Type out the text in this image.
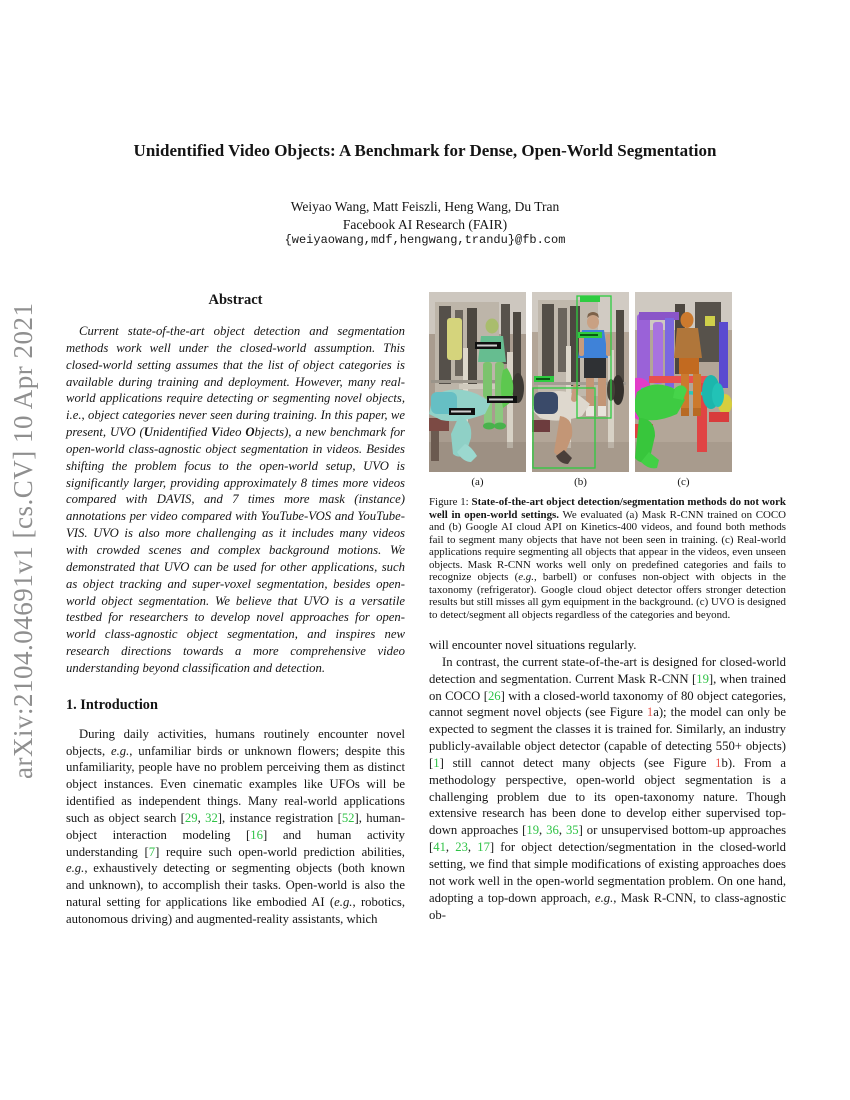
arXiv:2104.04691v1 [cs.CV] 10 Apr 2021
Unidentified Video Objects: A Benchmark for Dense, Open-World Segmentation
Weiyao Wang, Matt Feiszli, Heng Wang, Du Tran
Facebook AI Research (FAIR)
{weiyaowang,mdf,hengwang,trandu}@fb.com
Abstract

Current state-of-the-art object detection and segmentation methods work well under the closed-world assumption. This closed-world setting assumes that the list of object categories is available during training and deployment. However, many real-world applications require detecting or segmenting novel objects, i.e., object categories never seen during training. In this paper, we present, UVO (Unidentified Video Objects), a new benchmark for open-world class-agnostic object segmentation in videos. Besides shifting the problem focus to the open-world setup, UVO is significantly larger, providing approximately 8 times more videos compared with DAVIS, and 7 times more mask (instance) annotations per video compared with YouTube-VOS and YouTube-VIS. UVO is also more challenging as it includes many videos with crowded scenes and complex background motions. We demonstrated that UVO can be used for other applications, such as object tracking and super-voxel segmentation, besides open-world object segmentation. We believe that UVO is a versatile testbed for researchers to develop novel approaches for open-world class-agnostic object segmentation, and inspires new research directions towards a more comprehensive video understanding beyond classification and detection.

1. Introduction

During daily activities, humans routinely encounter novel objects, e.g., unfamiliar birds or unknown flowers; despite this unfamiliarity, people have no problem perceiving them as distinct object instances. Even cinematic examples like UFOs will be identified as independent things. Many real-world applications such as object search [29, 32], instance registration [52], human-object interaction modeling [16] and human activity understanding [7] require such open-world prediction abilities, e.g., exhaustively detecting or segmenting objects (both known and unknown), to accomplish their tasks. Open-world is also the natural setting for applications like embodied AI (e.g., robotics, autonomous driving) and augmented-reality assistants, which

(a)	(b)	(c)
Figure 1: State-of-the-art object detection/segmentation methods do not work well in open-world settings. We evaluated (a) Mask R-CNN trained on COCO and (b) Google AI cloud API on Kinetics-400 videos, and found both methods fail to segment many objects that have not been seen in training. (c) Real-world applications require segmenting all objects that appear in the videos, even unseen objects. Mask R-CNN works well only on predefined categories and fails to recognize objects (e.g., barbell) or confuses non-object with objects in the taxonomy (refrigerator). Google cloud object detector offers stronger detection results but still misses all gym equipment in the background. (c) UVO is designed to detect/segment all objects regardless of the categories and beyond.

will encounter novel situations regularly.

In contrast, the current state-of-the-art is designed for closed-world detection and segmentation. Current Mask R-CNN [19], when trained on COCO [26] with a closed-world taxonomy of 80 object categories, cannot segment novel objects (see Figure 1a); the model can only be expected to segment the classes it is trained for. Similarly, an industry publicly-available object detector (capable of detecting 550+ objects) [1] still cannot detect many objects (see Figure 1b). From a methodology perspective, open-world object segmentation is a challenging problem due to its open-taxonomy nature. Though extensive research has been done to develop either supervised top-down approaches [19, 36, 35] or unsupervised bottom-up approaches [41, 23, 17] for object detection/segmentation in the closed-world setting, we find that simple modifications of existing approaches does not work well in the open-world segmentation problem. On one hand, adopting a top-down approach, e.g., Mask R-CNN, to class-agnostic ob-
